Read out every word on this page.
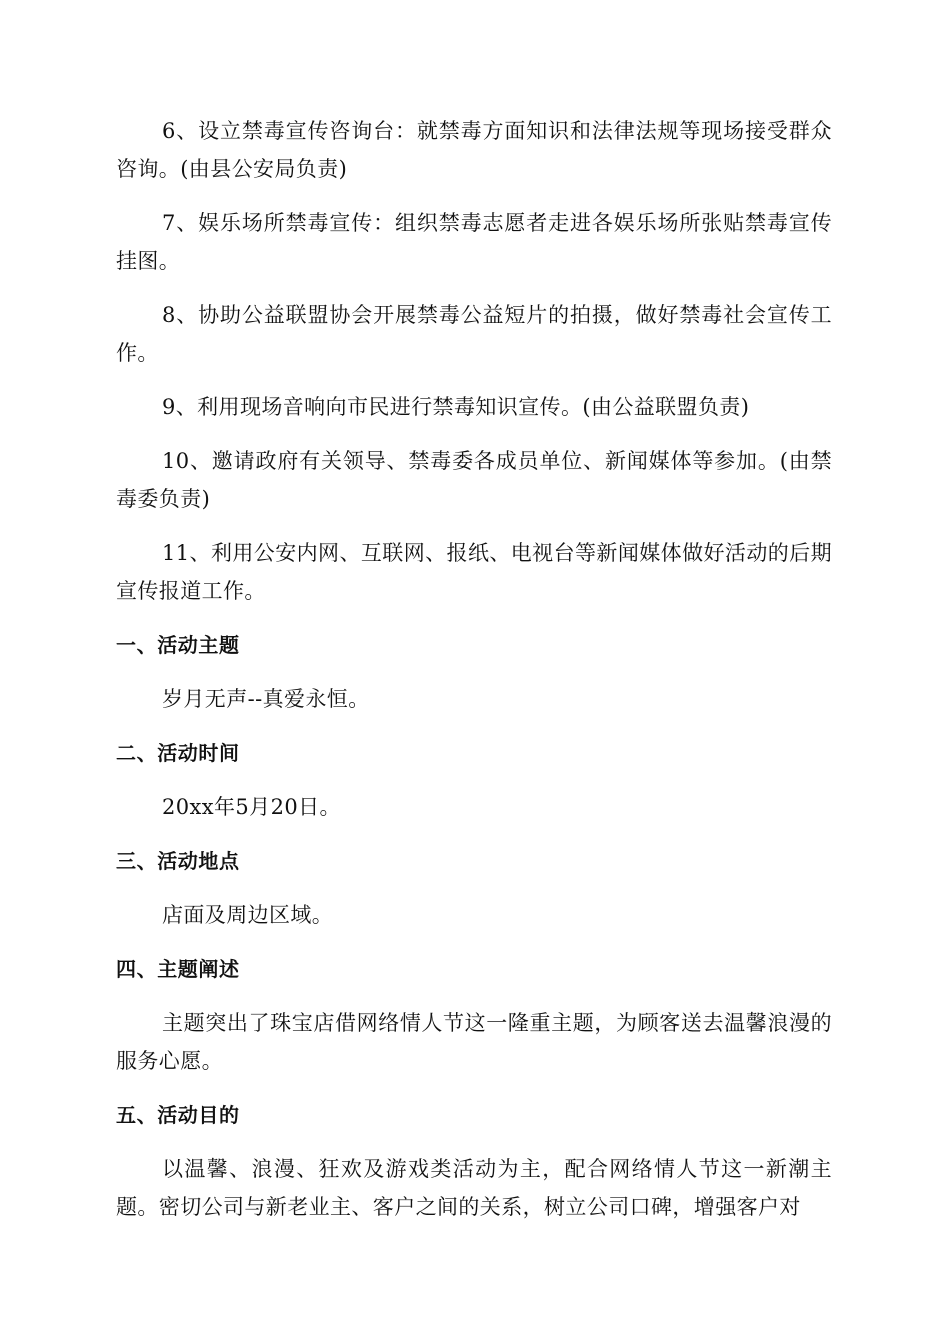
6、设立禁毒宣传咨询台：就禁毒方面知识和法律法规等现场接受群众咨询。(由县公安局负责)

7、娱乐场所禁毒宣传：组织禁毒志愿者走进各娱乐场所张贴禁毒宣传挂图。

8、协助公益联盟协会开展禁毒公益短片的拍摄，做好禁毒社会宣传工作。

9、利用现场音响向市民进行禁毒知识宣传。(由公益联盟负责)

10、邀请政府有关领导、禁毒委各成员单位、新闻媒体等参加。(由禁毒委负责)

11、利用公安内网、互联网、报纸、电视台等新闻媒体做好活动的后期宣传报道工作。

一、活动主题

岁月无声--真爱永恒。

二、活动时间

20xx年5月20日。

三、活动地点

店面及周边区域。

四、主题阐述

主题突出了珠宝店借网络情人节这一隆重主题，为顾客送去温馨浪漫的服务心愿。

五、活动目的

以温馨、浪漫、狂欢及游戏类活动为主，配合网络情人节这一新潮主题。密切公司与新老业主、客户之间的关系，树立公司口碑，增强客户对
